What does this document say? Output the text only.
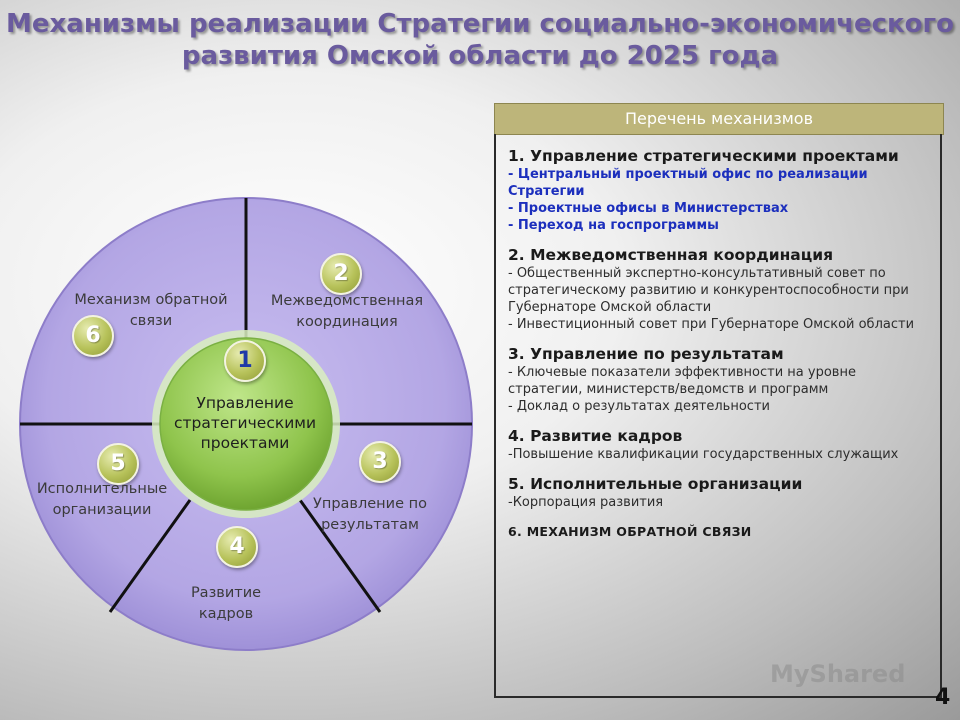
Механизмы реализации Стратегии социально-экономического
развития Омской области до 2025 года
1
Управление
стратегическими
проектами
6
Механизм обратной
связи
2
Межведомственная
координация
3
Управление по
результатам
4
Развитие
кадров
5
Исполнительные
организации
Перечень механизмов
1. Управление стратегическими проектами
- Центральный проектный офис по реализации Стратегии
- Проектные офисы в Министерствах
- Переход на госпрограммы
2. Межведомственная координация
- Общественный экспертно-консультативный совет по стратегическому развитию и конкурентоспособности при Губернаторе Омской области
- Инвестиционный совет при Губернаторе Омской области
3. Управление по результатам
- Ключевые показатели эффективности на уровне стратегии, министерств/ведомств и программ
- Доклад о результатах деятельности
4. Развитие кадров
-Повышение квалификации государственных служащих
5. Исполнительные организации
-Корпорация развития
6. МЕХАНИЗМ ОБРАТНОЙ СВЯЗИ
MyShared
4
